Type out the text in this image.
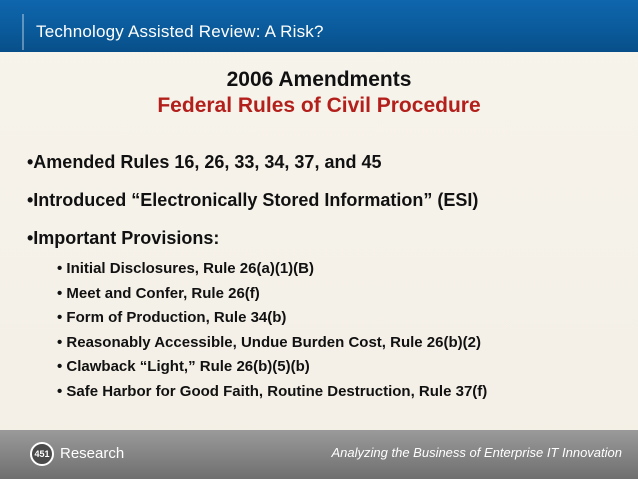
Technology Assisted Review: A Risk?
2006 Amendments
Federal Rules of Civil Procedure
•Amended Rules 16, 26, 33, 34, 37, and 45
•Introduced “Electronically Stored Information” (ESI)
•Important Provisions:
• Initial Disclosures, Rule 26(a)(1)(B)
• Meet and Confer, Rule 26(f)
• Form of Production, Rule 34(b)
• Reasonably Accessible, Undue Burden Cost, Rule 26(b)(2)
• Clawback “Light,” Rule 26(b)(5)(b)
• Safe Harbor for Good Faith, Routine Destruction, Rule 37(f)
451 Research	Analyzing the Business of Enterprise IT Innovation
